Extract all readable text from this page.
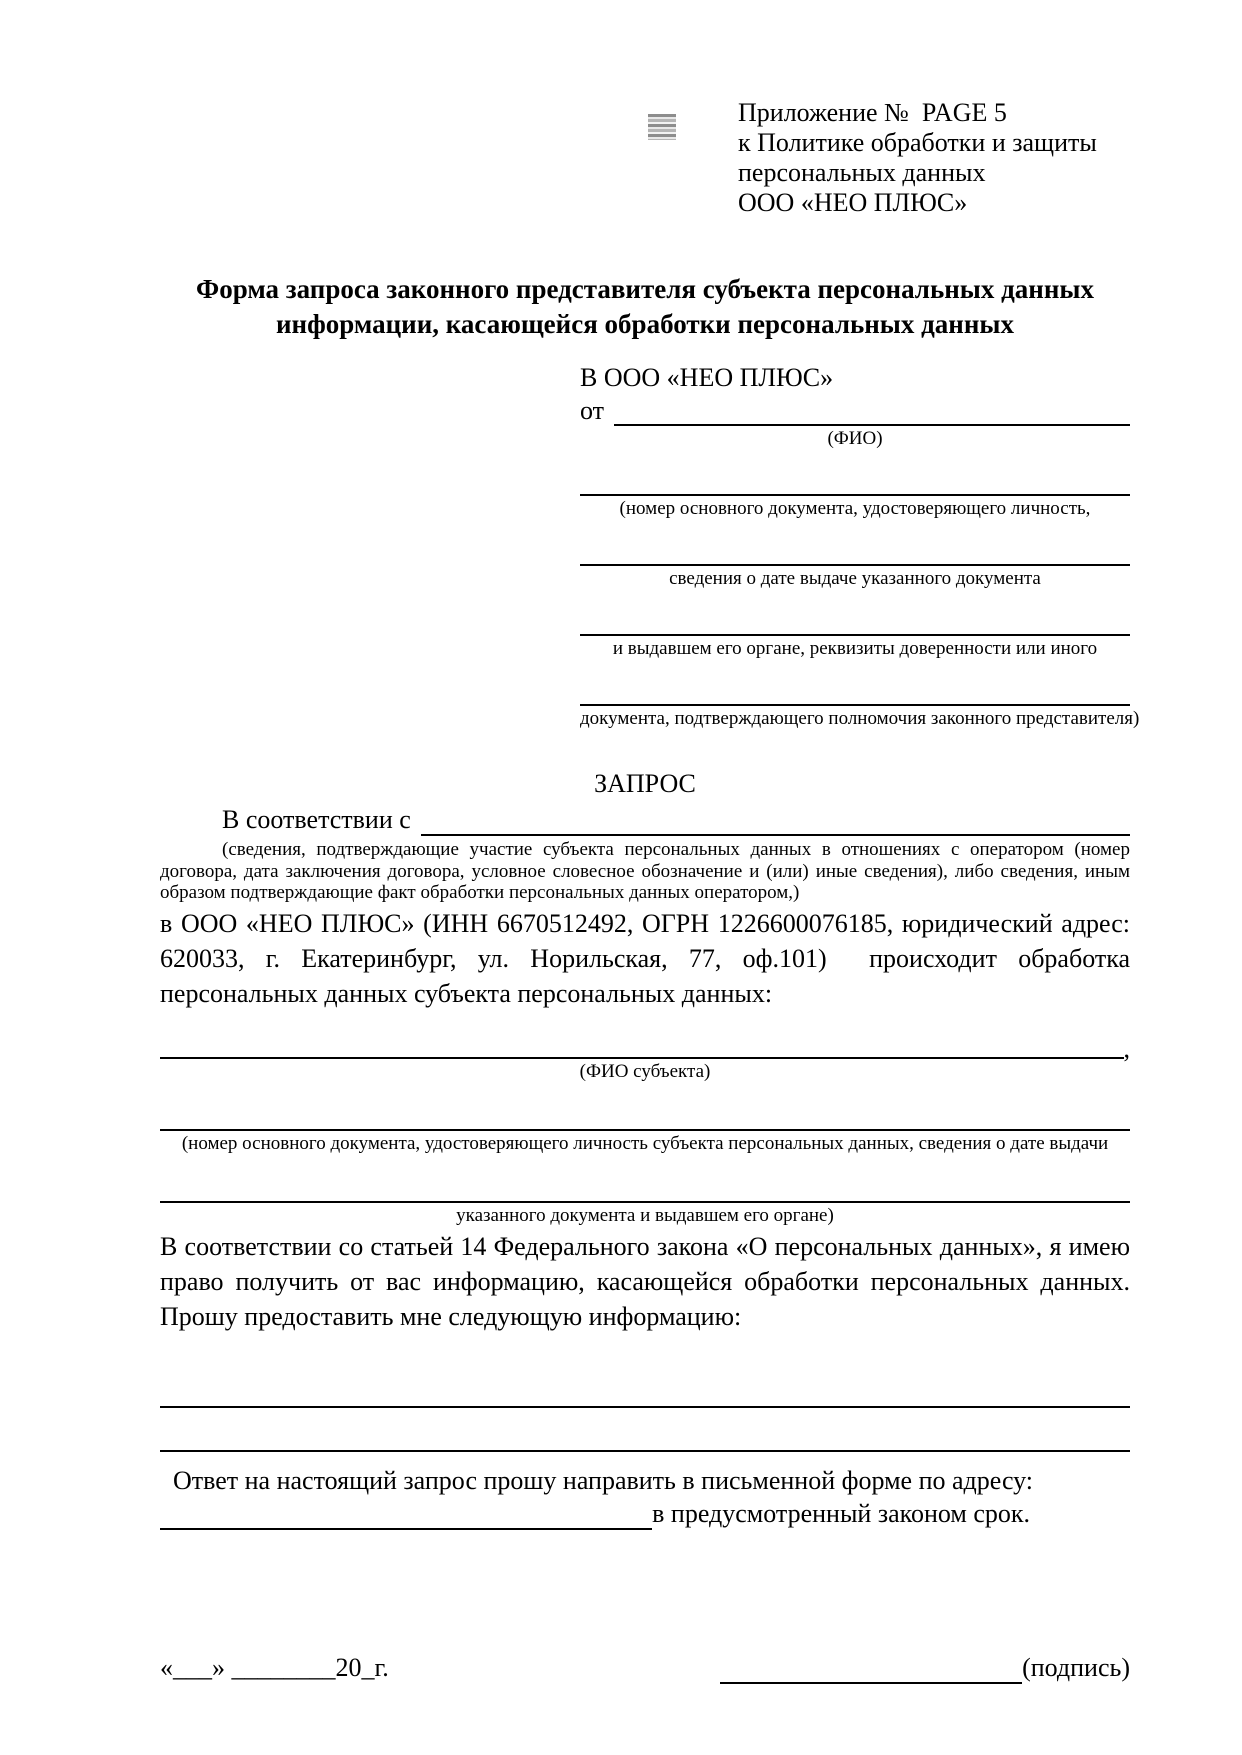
Приложение №  PAGE 5
к Политике обработки и защиты
персональных данных
ООО «НЕО ПЛЮС»
Форма запроса законного представителя субъекта персональных данных
информации, касающейся обработки персональных данных
В ООО «НЕО ПЛЮС»
от
(ФИО)
(номер основного документа, удостоверяющего личность,
сведения о дате выдаче указанного документа
и выдавшем его органе, реквизиты доверенности или иного
документа, подтверждающего полномочия законного представителя)
ЗАПРОС
В соответствии с
(сведения, подтверждающие участие субъекта персональных данных в отношениях с оператором (номер договора, дата заключения договора, условное словесное обозначение и (или) иные сведения), либо сведения, иным образом подтверждающие факт обработки персональных данных оператором,)
в ООО «НЕО ПЛЮС» (ИНН 6670512492, ОГРН 1226600076185, юридический адрес: 620033, г. Екатеринбург, ул. Норильская, 77, оф.101)  происходит обработка персональных данных субъекта персональных данных:
,
(ФИО субъекта)
(номер основного документа, удостоверяющего личность субъекта персональных данных, сведения о дате выдачи
указанного документа и выдавшем его органе)
В соответствии со статьей 14 Федерального закона «О персональных данных», я имею право получить от вас информацию, касающейся обработки персональных данных. Прошу предоставить мне следующую информацию:
Ответ на настоящий запрос прошу направить в письменной форме по адресу:
в предусмотренный законом срок.
«___» ________20_г.	(подпись)
